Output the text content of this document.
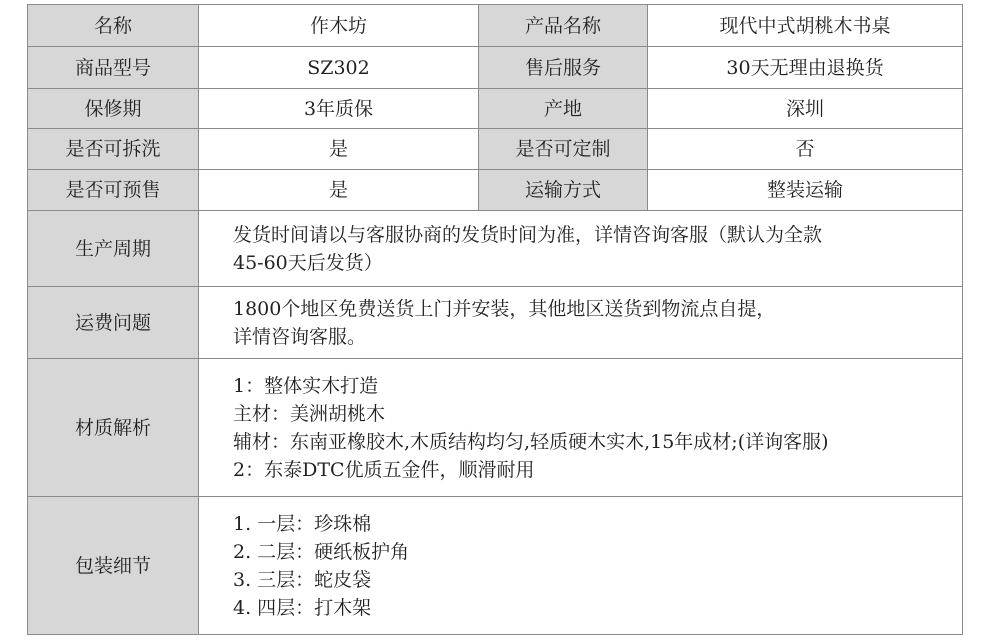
名称	作木坊	产品名称	现代中式胡桃木书桌
商品型号	SZ302	售后服务	30天无理由退换货
保修期	3年质保	产地	深圳
是否可拆洗	是	是否可定制	否
是否可预售	是	运输方式	整装运输
生产周期	发货时间请以与客服协商的发货时间为准，详情咨询客服（默认为全款
45-60天后发货）		

运费问题	1800个地区免费送货上门并安装，其他地区送货到物流点自提，
详情咨询客服。		

材质解析	1：整体实木打造
主材：美洲胡桃木
辅材：东南亚橡胶木,木质结构均匀,轻质硬木实木,15年成材;(详询客服)
2：东泰DTC优质五金件，顺滑耐用		

包装细节	1. 一层：珍珠棉
2. 二层：硬纸板护角
3. 三层：蛇皮袋
4. 四层：打木架		
